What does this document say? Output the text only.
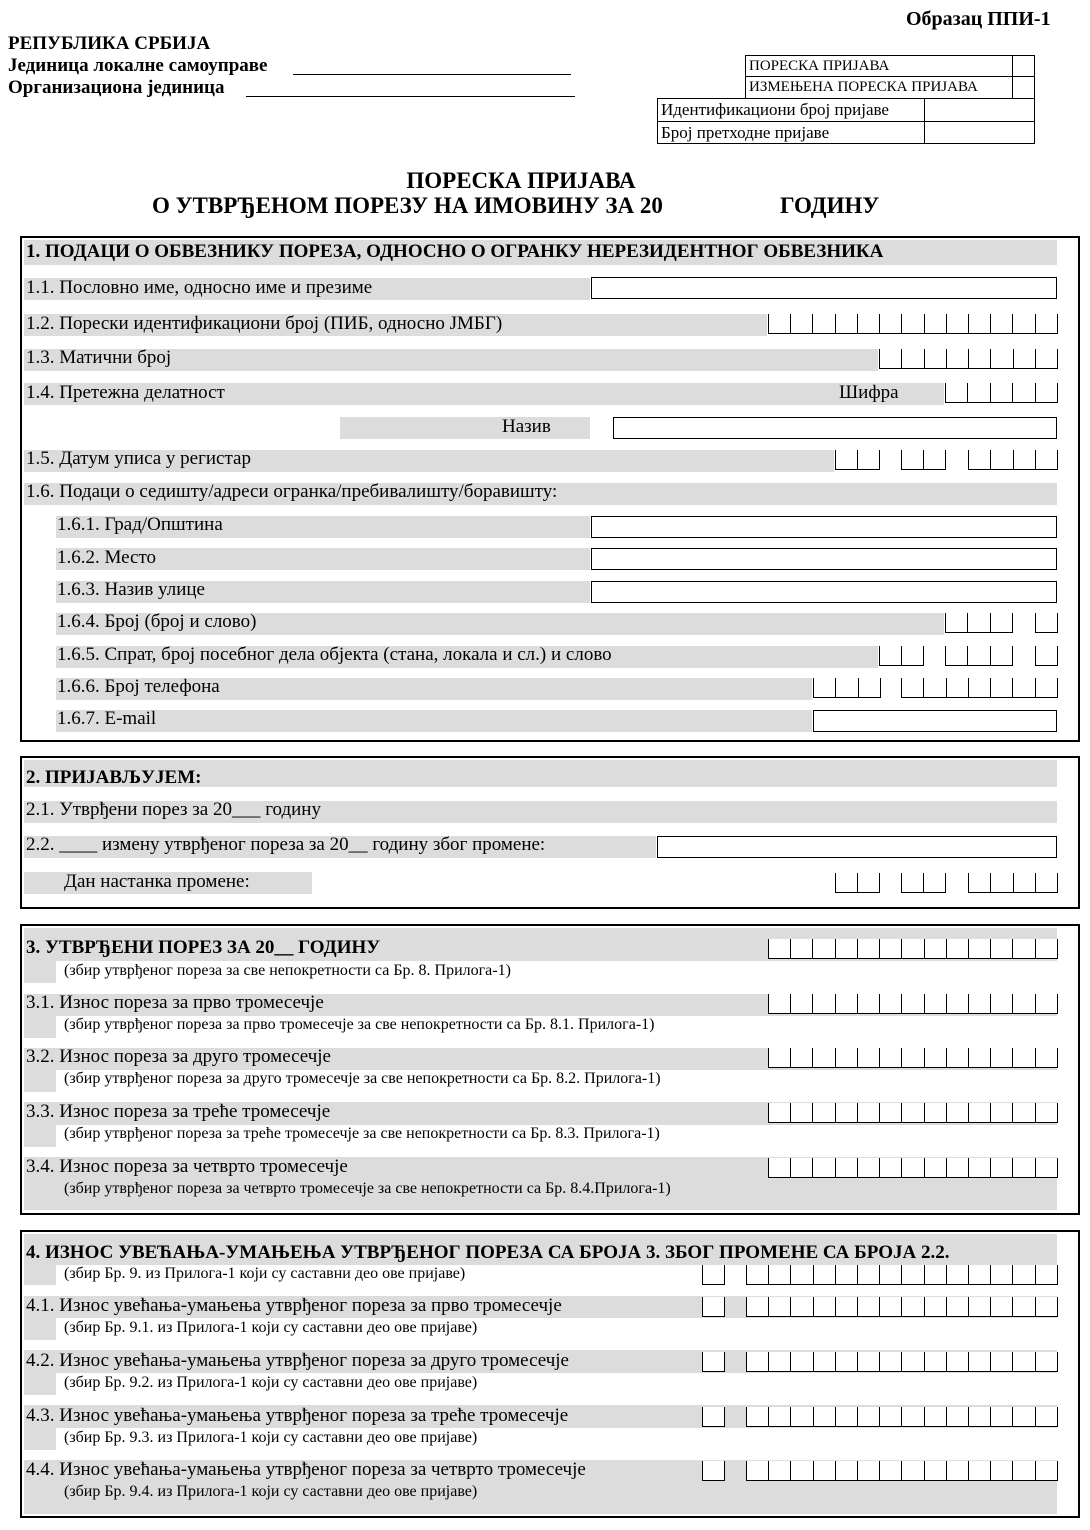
Образац ППИ-1
РЕПУБЛИКА СРБИЈА
Јединица локалне самоуправе
Организациона јединица
ПОРЕСКА ПРИЈАВА
ИЗМЕЊЕНА ПОРЕСКА ПРИЈАВА
Идентификациони број пријаве
Број претходне пријаве
ПОРЕСКА ПРИЈАВА
О УТВРЂЕНОМ ПОРЕЗУ НА ИМОВИНУ ЗА 20	ГОДИНУ
1. ПОДАЦИ О ОБВЕЗНИКУ ПОРЕЗА, ОДНОСНО О ОГРАНКУ НЕРЕЗИДЕНТНОГ ОБВЕЗНИКА
1.1. Пословно име, односно име и презиме
1.2. Порески идентификациони број (ПИБ, односно ЈМБГ)
1.3. Матични број
1.4. Претежна делатност	Шифра
Назив
1.5. Датум уписа у регистар
1.6. Подаци о седишту/адреси огранка/пребивалишту/боравишту:
1.6.1. Град/Општина
1.6.2. Место
1.6.3. Назив улице
1.6.4. Број (број и слово)
1.6.5. Спрат, број посебног дела објекта (стана, локала и сл.) и слово
1.6.6. Број телефона
1.6.7. E-mail
2. ПРИЈАВЉУЈЕМ:
2.1. Утврђени порез за 20___ годину
2.2. ____ измену утврђеног пореза за 20__ годину због промене:
Дан настанка промене:
3. УТВРЂЕНИ ПОРЕЗ ЗА 20__ ГОДИНУ
(збир утврђеног пореза за све непокретности са Бр. 8. Прилога-1)
3.1. Износ пореза за прво тромесечје
(збир утврђеног пореза за прво тромесечје за све непокретности са Бр. 8.1. Прилога-1)
3.2. Износ пореза за друго тромесечје
(збир утврђеног пореза за друго тромесечје за све непокретности са Бр. 8.2. Прилога-1)
3.3. Износ пореза за треће тромесечје
(збир утврђеног пореза за треће тромесечје за све непокретности са Бр. 8.3. Прилога-1)
3.4. Износ пореза за четврто тромесечје
(збир утврђеног пореза за четврто тромесечје за све непокретности са Бр. 8.4.Прилога-1)
4. ИЗНОС УВЕЋАЊА-УМАЊЕЊА УТВРЂЕНОГ ПОРЕЗА СА БРОЈА 3. ЗБОГ ПРОМЕНЕ СА БРОЈА 2.2.
(збир Бр. 9. из Прилога-1 који су саставни део ове пријаве)
4.1. Износ увећања-умањења утврђеног пореза за прво тромесечје
(збир Бр. 9.1. из Прилога-1 који су саставни део ове пријаве)
4.2. Износ увећања-умањења утврђеног пореза за друго тромесечје
(збир Бр. 9.2. из Прилога-1 који су саставни део ове пријаве)
4.3. Износ увећања-умањења утврђеног пореза за треће тромесечје
(збир Бр. 9.3. из Прилога-1 који су саставни део ове пријаве)
4.4. Износ увећања-умањења утврђеног пореза за четврто тромесечје
(збир Бр. 9.4. из Прилога-1 који су саставни део ове пријаве)
